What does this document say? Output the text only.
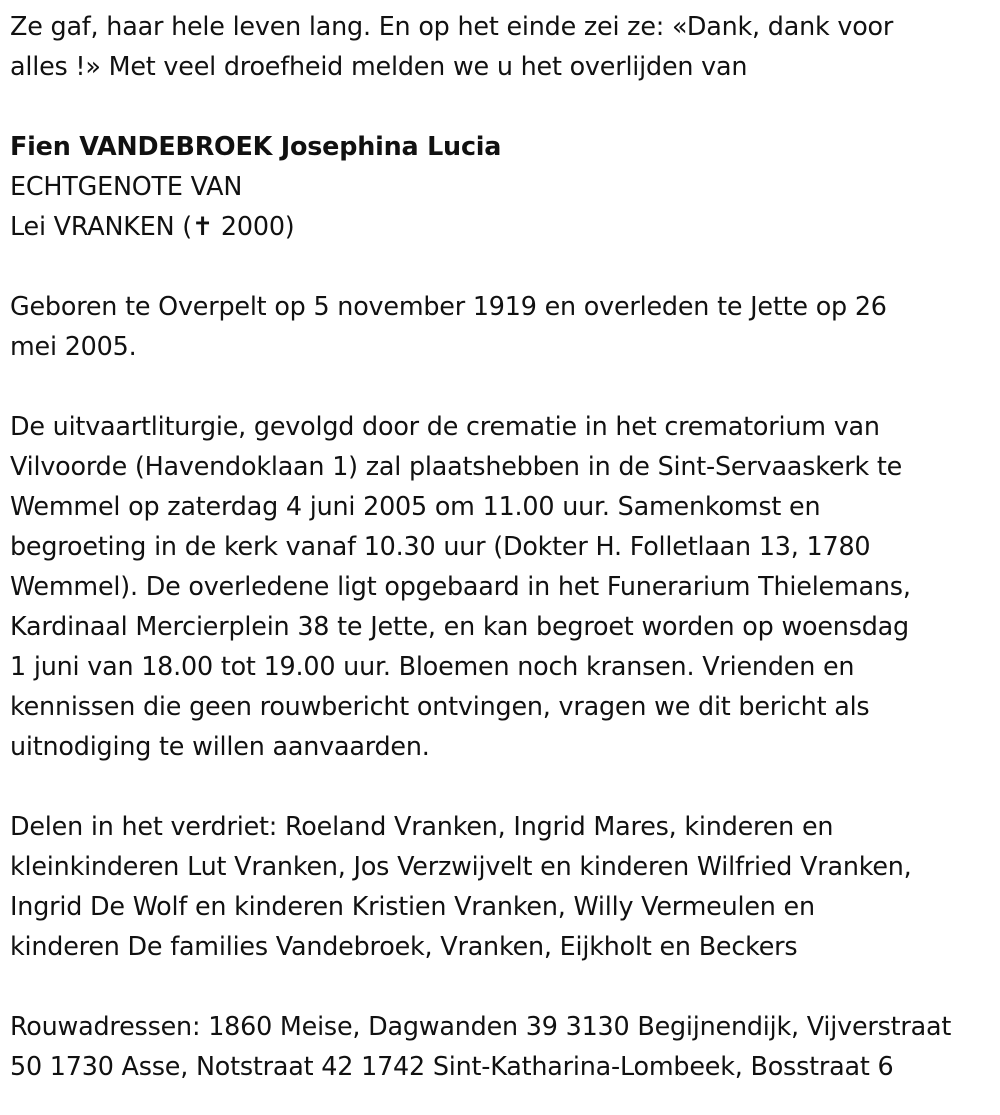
Ze gaf, haar hele leven lang. En op het einde zei ze: «Dank, dank voor
alles !» Met veel droefheid melden we u het overlijden van
Fien VANDEBROEK Josephina Lucia
ECHTGENOTE VAN
Lei VRANKEN (✝ 2000)
Geboren te Overpelt op 5 november 1919 en overleden te Jette op 26
mei 2005.
De uitvaartliturgie, gevolgd door de crematie in het crematorium van
Vilvoorde (Havendoklaan 1) zal plaatshebben in de Sint-Servaaskerk te
Wemmel op zaterdag 4 juni 2005 om 11.00 uur. Samenkomst en
begroeting in de kerk vanaf 10.30 uur (Dokter H. Folletlaan 13, 1780
Wemmel). De overledene ligt opgebaard in het Funerarium Thielemans,
Kardinaal Mercierplein 38 te Jette, en kan begroet worden op woensdag
1 juni van 18.00 tot 19.00 uur. Bloemen noch kransen. Vrienden en
kennissen die geen rouwbericht ontvingen, vragen we dit bericht als
uitnodiging te willen aanvaarden.
Delen in het verdriet: Roeland Vranken, Ingrid Mares, kinderen en
kleinkinderen Lut Vranken, Jos Verzwijvelt en kinderen Wilfried Vranken,
Ingrid De Wolf en kinderen Kristien Vranken, Willy Vermeulen en
kinderen De families Vandebroek, Vranken, Eijkholt en Beckers
Rouwadressen: 1860 Meise, Dagwanden 39 3130 Begijnendijk, Vijverstraat
50 1730 Asse, Notstraat 42 1742 Sint-Katharina-Lombeek, Bosstraat 6
